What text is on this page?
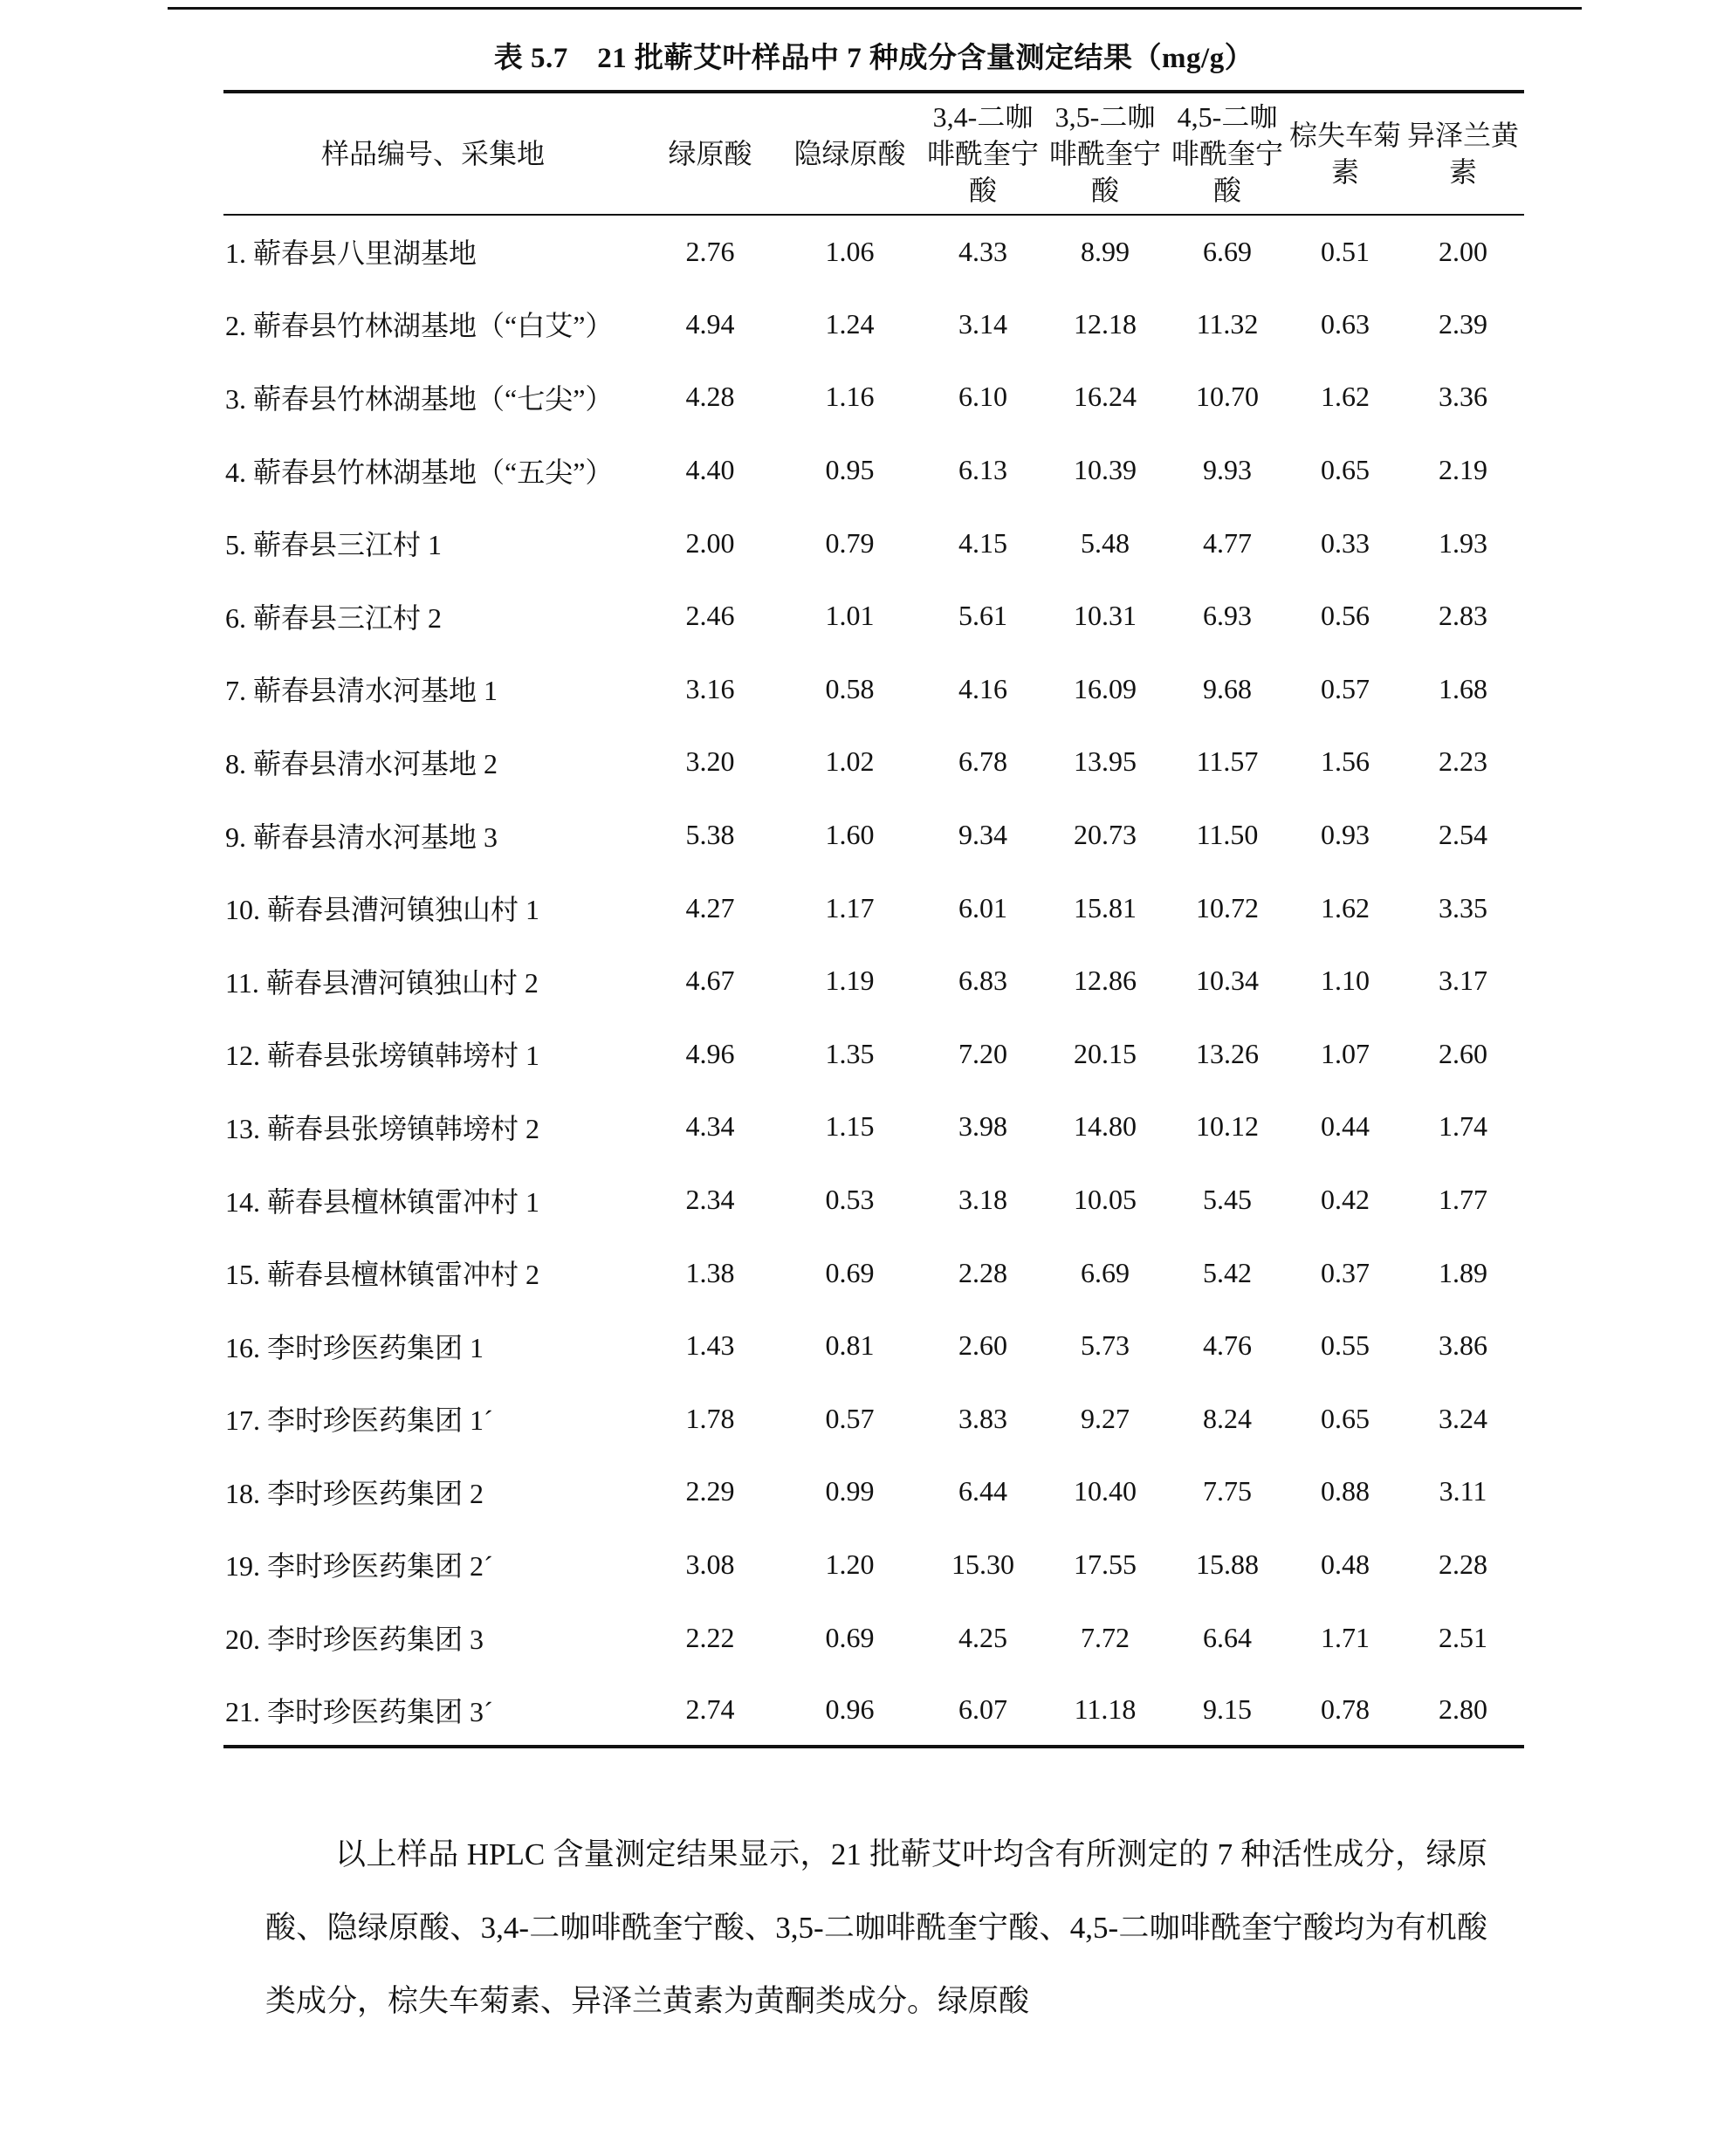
表 5.7　21 批蕲艾叶样品中 7 种成分含量测定结果（mg/g）
样品编号、采集地	绿原酸	隐绿原酸	3,4-二咖啡酰奎宁酸	3,5-二咖啡酰奎宁酸	4,5-二咖啡酰奎宁酸	棕失车菊素	异泽兰黄素
1. 蕲春县八里湖基地	2.76	1.06	4.33	8.99	6.69	0.51	2.00
2. 蕲春县竹林湖基地（“白艾”）	4.94	1.24	3.14	12.18	11.32	0.63	2.39
3. 蕲春县竹林湖基地（“七尖”）	4.28	1.16	6.10	16.24	10.70	1.62	3.36
4. 蕲春县竹林湖基地（“五尖”）	4.40	0.95	6.13	10.39	9.93	0.65	2.19
5. 蕲春县三江村 1	2.00	0.79	4.15	5.48	4.77	0.33	1.93
6. 蕲春县三江村 2	2.46	1.01	5.61	10.31	6.93	0.56	2.83
7. 蕲春县清水河基地 1	3.16	0.58	4.16	16.09	9.68	0.57	1.68
8. 蕲春县清水河基地 2	3.20	1.02	6.78	13.95	11.57	1.56	2.23
9. 蕲春县清水河基地 3	5.38	1.60	9.34	20.73	11.50	0.93	2.54
10. 蕲春县漕河镇独山村 1	4.27	1.17	6.01	15.81	10.72	1.62	3.35
11. 蕲春县漕河镇独山村 2	4.67	1.19	6.83	12.86	10.34	1.10	3.17
12. 蕲春县张塝镇韩塝村 1	4.96	1.35	7.20	20.15	13.26	1.07	2.60
13. 蕲春县张塝镇韩塝村 2	4.34	1.15	3.98	14.80	10.12	0.44	1.74
14. 蕲春县檀林镇雷冲村 1	2.34	0.53	3.18	10.05	5.45	0.42	1.77
15. 蕲春县檀林镇雷冲村 2	1.38	0.69	2.28	6.69	5.42	0.37	1.89
16. 李时珍医药集团 1	1.43	0.81	2.60	5.73	4.76	0.55	3.86
17. 李时珍医药集团 1´	1.78	0.57	3.83	9.27	8.24	0.65	3.24
18. 李时珍医药集团 2	2.29	0.99	6.44	10.40	7.75	0.88	3.11
19. 李时珍医药集团 2´	3.08	1.20	15.30	17.55	15.88	0.48	2.28
20. 李时珍医药集团 3	2.22	0.69	4.25	7.72	6.64	1.71	2.51
21. 李时珍医药集团 3´	2.74	0.96	6.07	11.18	9.15	0.78	2.80

以上样品 HPLC 含量测定结果显示，21 批蕲艾叶均含有所测定的 7 种活性成分，绿原酸、隐绿原酸、3,4-二咖啡酰奎宁酸、3,5-二咖啡酰奎宁酸、4,5-二咖啡酰奎宁酸均为有机酸类成分，棕失车菊素、异泽兰黄素为黄酮类成分。绿原酸
